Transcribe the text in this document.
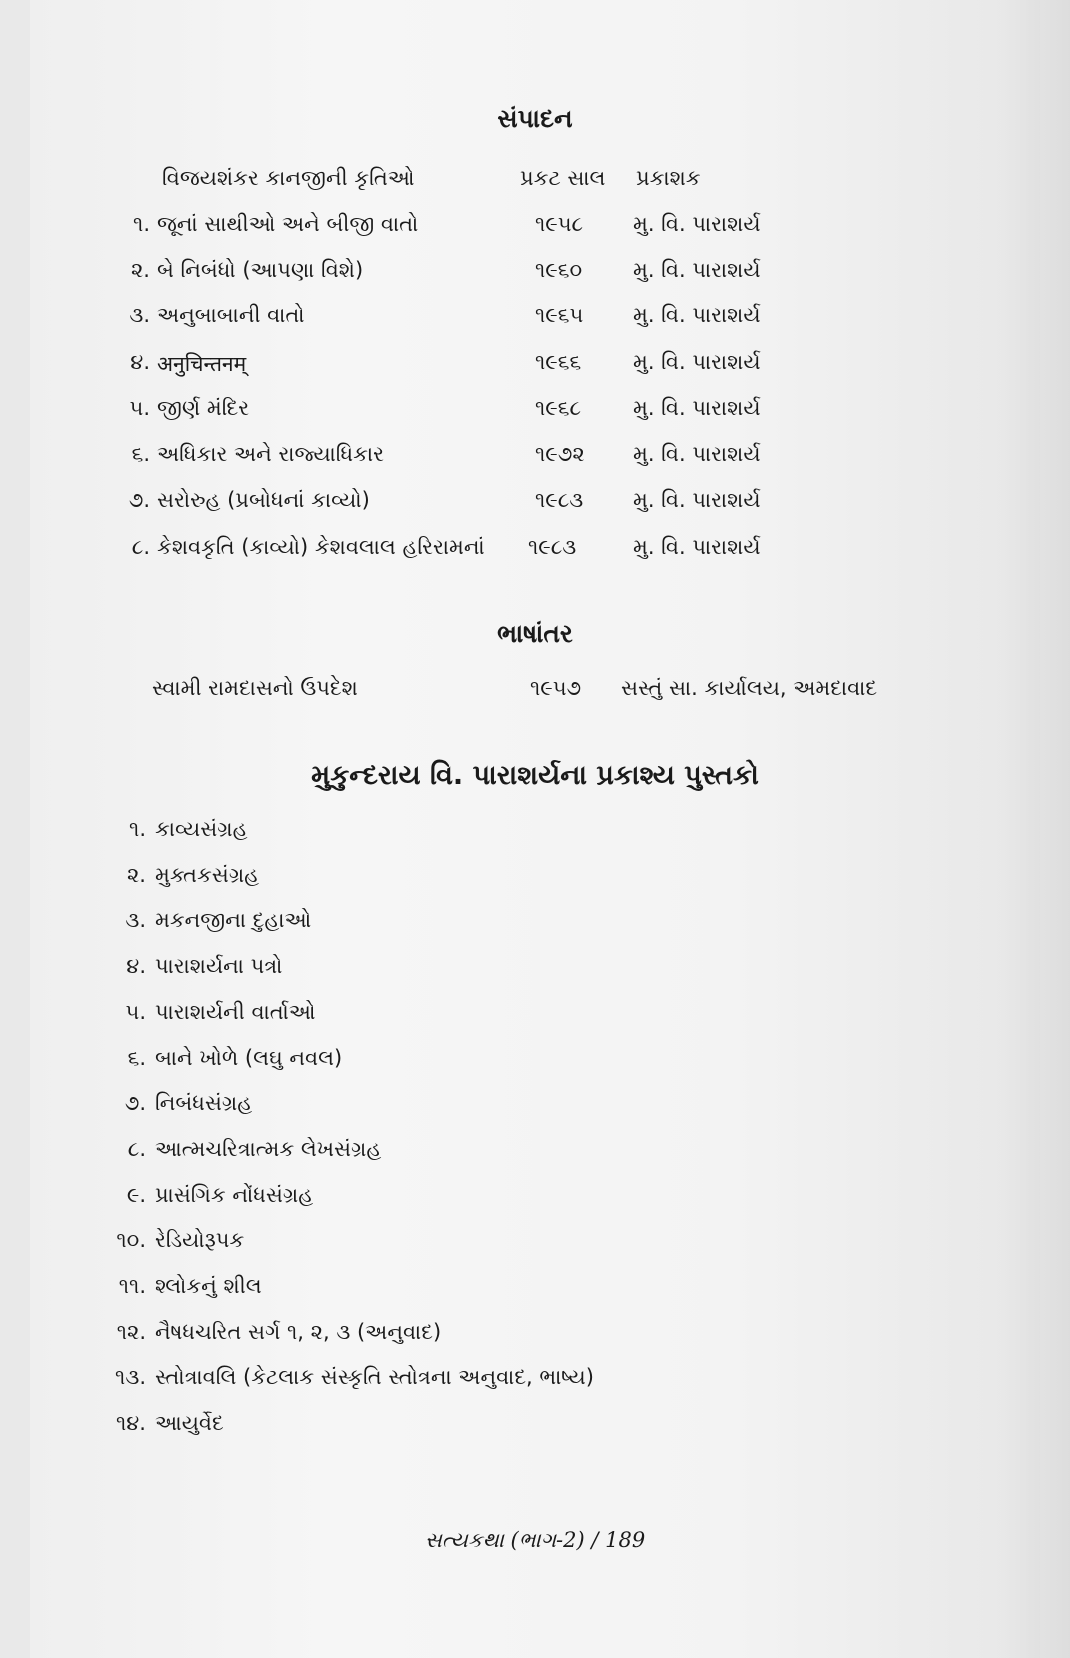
સંપાદન
વિજયશંકર કાનજીની કૃતિઓ	પ્રકટ સાલ પ્રકાશક
૧. જૂનાં સાથીઓ અને બીજી વાતો	૧૯૫૮ મુ. વિ. પારાશર્ય
૨. બે નિબંધો (આપણા વિશે)	૧૯૬૦ મુ. વિ. પારાશર્ય
૩. અનુબાબાની વાતો	૧૯૬૫ મુ. વિ. પારાશર્ય
૪. अनुचिन्तनम्	૧૯૬૬ મુ. વિ. પારાશર્ય
૫. જીર્ણ મંદિર	૧૯૬૮ મુ. વિ. પારાશર્ય
૬. અધિકાર અને રાજ્યાધિકાર	૧૯૭૨ મુ. વિ. પારાશર્ય
૭. સરોરુહ (પ્રબોધનાં કાવ્યો)	૧૯૮૩ મુ. વિ. પારાશર્ય
૮. કેશવકૃતિ (કાવ્યો) કેશવલાલ હરિરામનાં ૧૯૮૩	મુ. વિ. પારાશર્ય
ભાષાંતર
સ્વામી રામદાસનો ઉપદેશ	૧૯૫૭ સસ્તું સા. કાર્યાલય, અમદાવાદ
મુકુન્દરાય વિ. પારાશર્યના પ્રકાશ્ય પુસ્તકો
૧. કાવ્યસંગ્રહ
૨. મુક્તકસંગ્રહ
૩. મકનજીના દુહાઓ
૪. પારાશર્યના પત્રો
૫. પારાશર્યની વાર્તાઓ
૬. બાને ખોળે (લઘુ નવલ)
૭. નિબંધસંગ્રહ
૮. આત્મચરિત્રાત્મક લેખસંગ્રહ
૯. પ્રાસંગિક નોંધસંગ્રહ
૧૦. રેડિયોરૂપક
૧૧. શ્લોકનું શીલ
૧૨. નૈષધચરિત સર્ગ ૧, ૨, ૩ (અનુવાદ)
૧૩. સ્તોત્રાવલિ (કેટલાક સંસ્કૃતિ સ્તોત્રના અનુવાદ, ભાષ્ય)
૧૪. આયુર્વેદ
સત્યકથા (ભાગ-2) / 189
